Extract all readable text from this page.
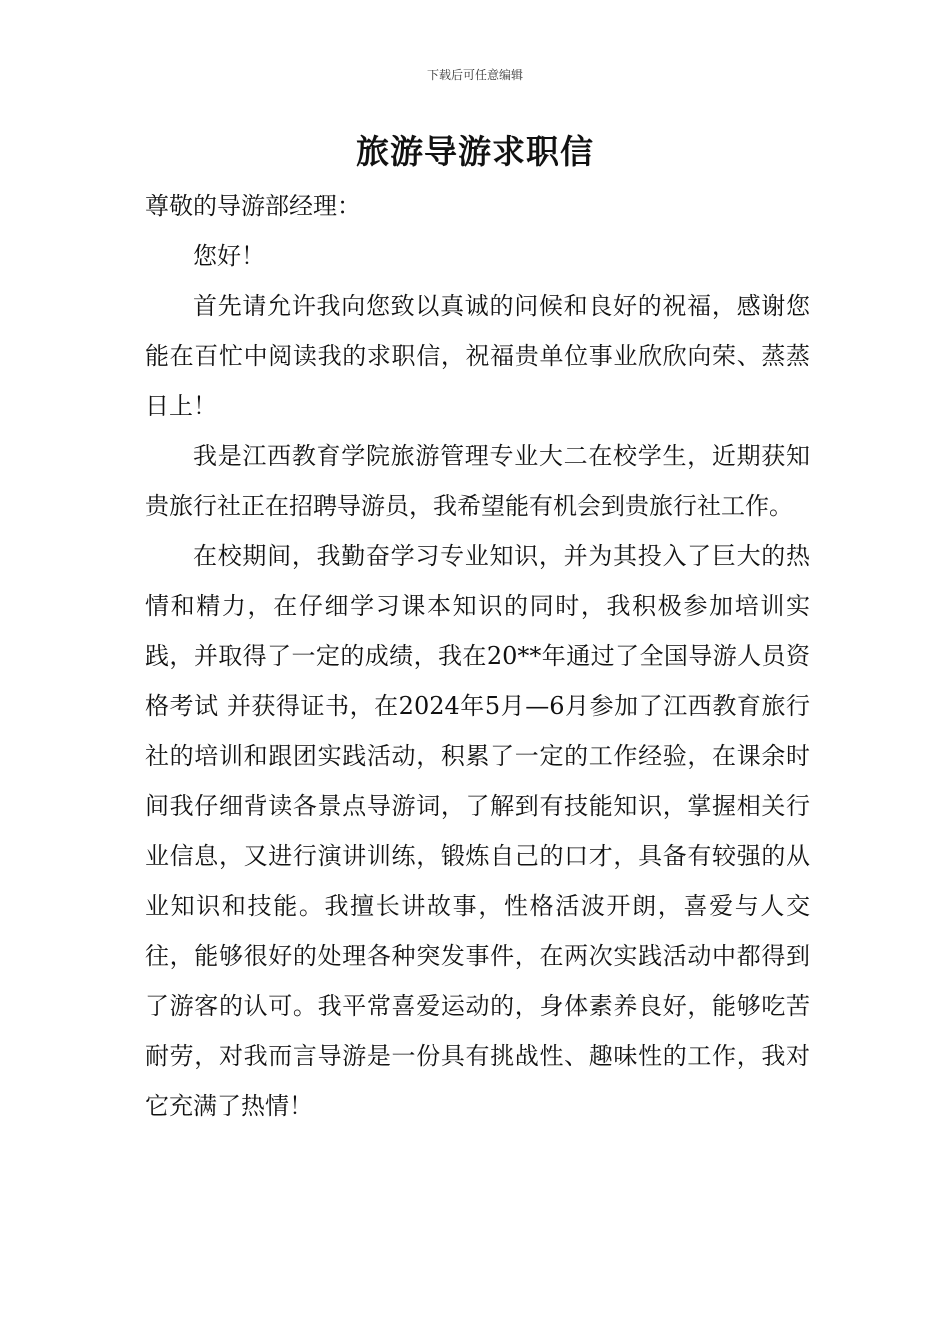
下载后可任意编辑
旅游导游求职信

尊敬的导游部经理：

您好！

首先请允许我向您致以真诚的问候和良好的祝福，感谢您能在百忙中阅读我的求职信，祝福贵单位事业欣欣向荣、蒸蒸日上！

我是江西教育学院旅游管理专业大二在校学生，近期获知贵旅行社正在招聘导游员，我希望能有机会到贵旅行社工作。

在校期间，我勤奋学习专业知识，并为其投入了巨大的热情和精力，在仔细学习课本知识的同时，我积极参加培训实践，并取得了一定的成绩，我在20**年通过了全国导游人员资格考试 并获得证书，在2024年5月—6月参加了江西教育旅行社的培训和跟团实践活动，积累了一定的工作经验，在课余时间我仔细背读各景点导游词，了解到有技能知识，掌握相关行业信息，又进行演讲训练，锻炼自己的口才，具备有较强的从业知识和技能。我擅长讲故事，性格活波开朗，喜爱与人交往，能够很好的处理各种突发事件，在两次实践活动中都得到了游客的认可。我平常喜爱运动的，身体素养良好，能够吃苦耐劳，对我而言导游是一份具有挑战性、趣味性的工作，我对它充满了热情！
